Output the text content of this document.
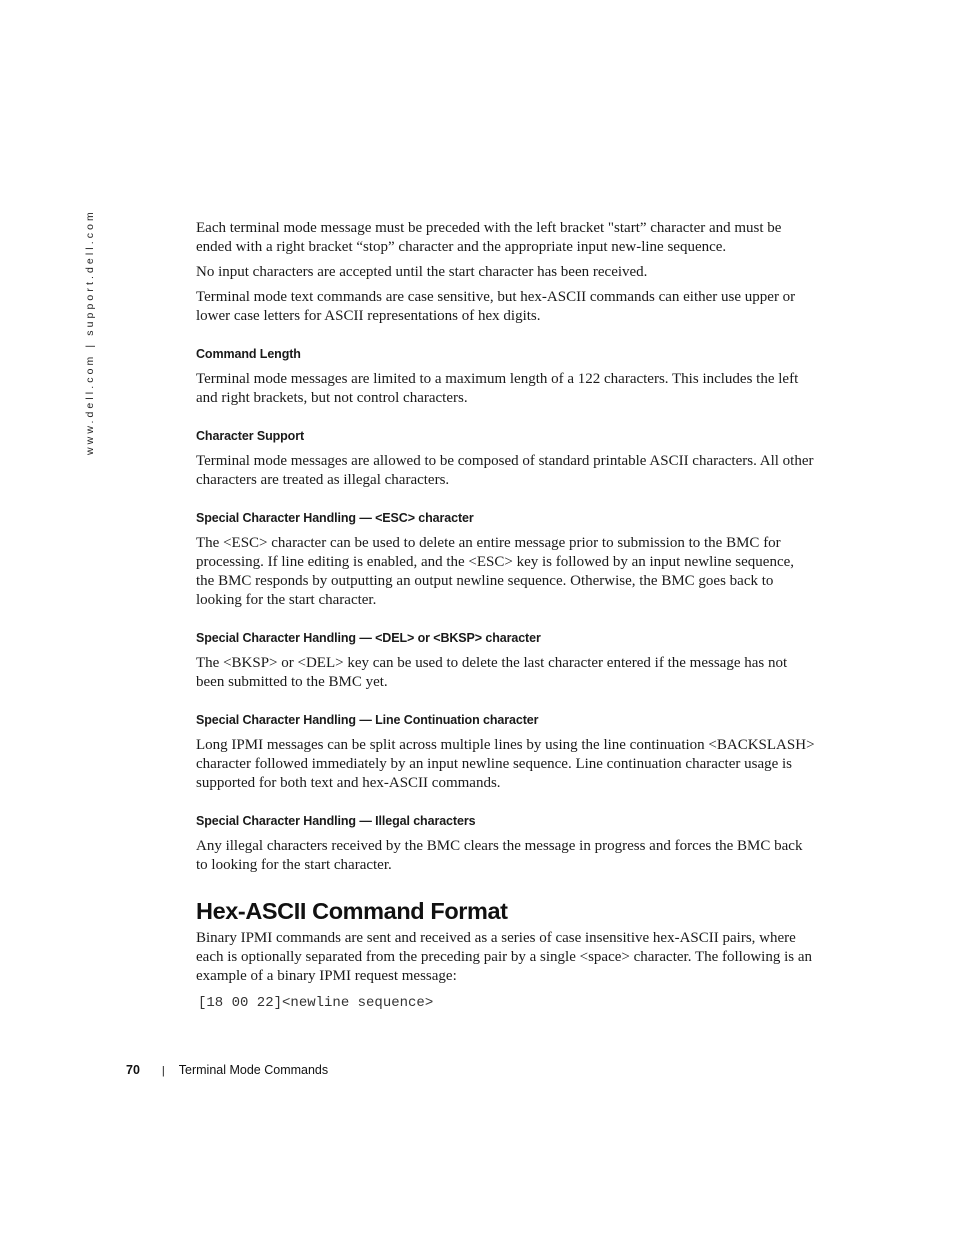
www.dell.com | support.dell.com	Each terminal mode message must be preceded with the left bracket "start” character and must be ended with a right bracket “stop” character and the appropriate input new-line sequence.

No input characters are accepted until the start character has been received.

Terminal mode text commands are case sensitive, but hex-ASCII commands can either use upper or lower case letters for ASCII representations of hex digits.

Command Length

Terminal mode messages are limited to a maximum length of a 122 characters. This includes the left and right brackets, but not control characters.

Character Support

Terminal mode messages are allowed to be composed of standard printable ASCII characters. All other characters are treated as illegal characters.

Special Character Handling — <ESC> character

The <ESC> character can be used to delete an entire message prior to submission to the BMC for processing. If line editing is enabled, and the <ESC> key is followed by an input newline sequence, the BMC responds by outputting an output newline sequence. Otherwise, the BMC goes back to looking for the start character.

Special Character Handling — <DEL> or <BKSP> character

The <BKSP> or <DEL> key can be used to delete the last character entered if the message has not been submitted to the BMC yet.

Special Character Handling — Line Continuation character

Long IPMI messages can be split across multiple lines by using the line continuation <BACKSLASH> character followed immediately by an input newline sequence. Line continuation character usage is supported for both text and hex-ASCII commands.

Special Character Handling — Illegal characters

Any illegal characters received by the BMC clears the message in progress and forces the BMC back to looking for the start character.

Hex-ASCII Command Format

Binary IPMI commands are sent and received as a series of case insensitive hex-ASCII pairs, where each is optionally separated from the preceding pair by a single <space> character. The following is an example of a binary IPMI request message:

[18 00 22]<newline sequence>
70 | Terminal Mode Commands
